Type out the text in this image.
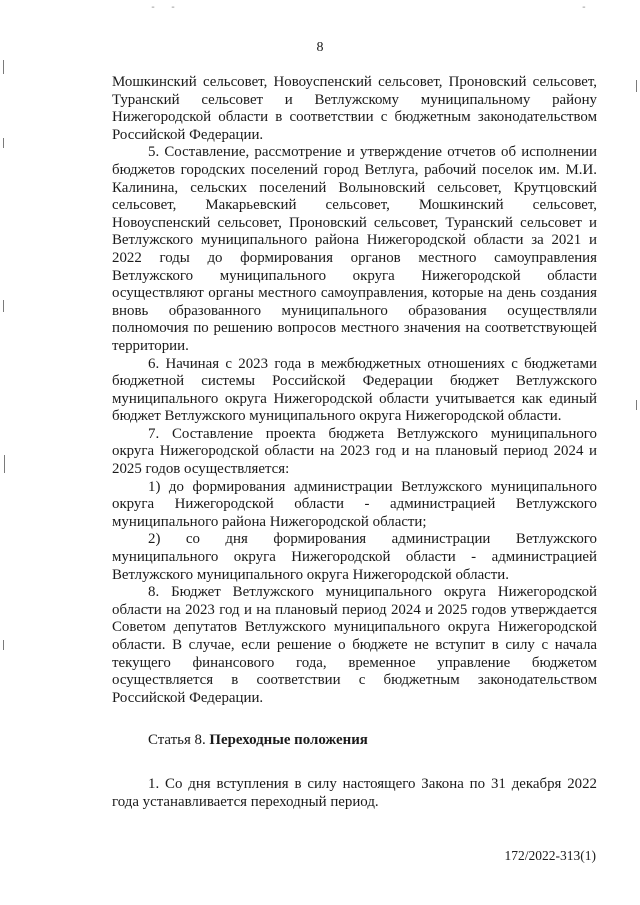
- -                                        -
8

Мошкинский сельсовет, Новоуспенский сельсовет, Проновский сельсовет, Туранский сельсовет и Ветлужскому муниципальному району Нижегородской области в соответствии с бюджетным законодательством Российской Федерации.

5. Составление, рассмотрение и утверждение отчетов об исполнении бюджетов городских поселений город Ветлуга, рабочий поселок им. М.И. Калинина, сельских поселений Волыновский сельсовет, Крутцовский сельсовет, Макарьевский сельсовет, Мошкинский сельсовет, Новоуспенский сельсовет, Проновский сельсовет, Туранский сельсовет и Ветлужского муниципального района Нижегородской области за 2021 и 2022 годы до формирования органов местного самоуправления Ветлужского муниципального округа Нижегородской области осуществляют органы местного самоуправления, которые на день создания вновь образованного муниципального образования осуществляли полномочия по решению вопросов местного значения на соответствующей территории.

6. Начиная с 2023 года в межбюджетных отношениях с бюджетами бюджетной системы Российской Федерации бюджет Ветлужского муниципального округа Нижегородской области учитывается как единый бюджет Ветлужского муниципального округа Нижегородской области.

7. Составление проекта бюджета Ветлужского муниципального округа Нижегородской области на 2023 год и на плановый период 2024 и 2025 годов осуществляется:

1) до формирования администрации Ветлужского муниципального округа Нижегородской области - администрацией Ветлужского муниципального района Нижегородской области;

2) со дня формирования администрации Ветлужского муниципального округа Нижегородской области - администрацией Ветлужского муниципального округа Нижегородской области.

8. Бюджет Ветлужского муниципального округа Нижегородской области на 2023 год и на плановый период 2024 и 2025 годов утверждается Советом депутатов Ветлужского муниципального округа Нижегородской области. В случае, если решение о бюджете не вступит в силу с начала текущего финансового года, временное управление бюджетом осуществляется в соответствии с бюджетным законодательством Российской Федерации.

Статья 8. Переходные положения

1. Со дня вступления в силу настоящего Закона по 31 декабря 2022 года устанавливается переходный период.

172/2022-313(1)
